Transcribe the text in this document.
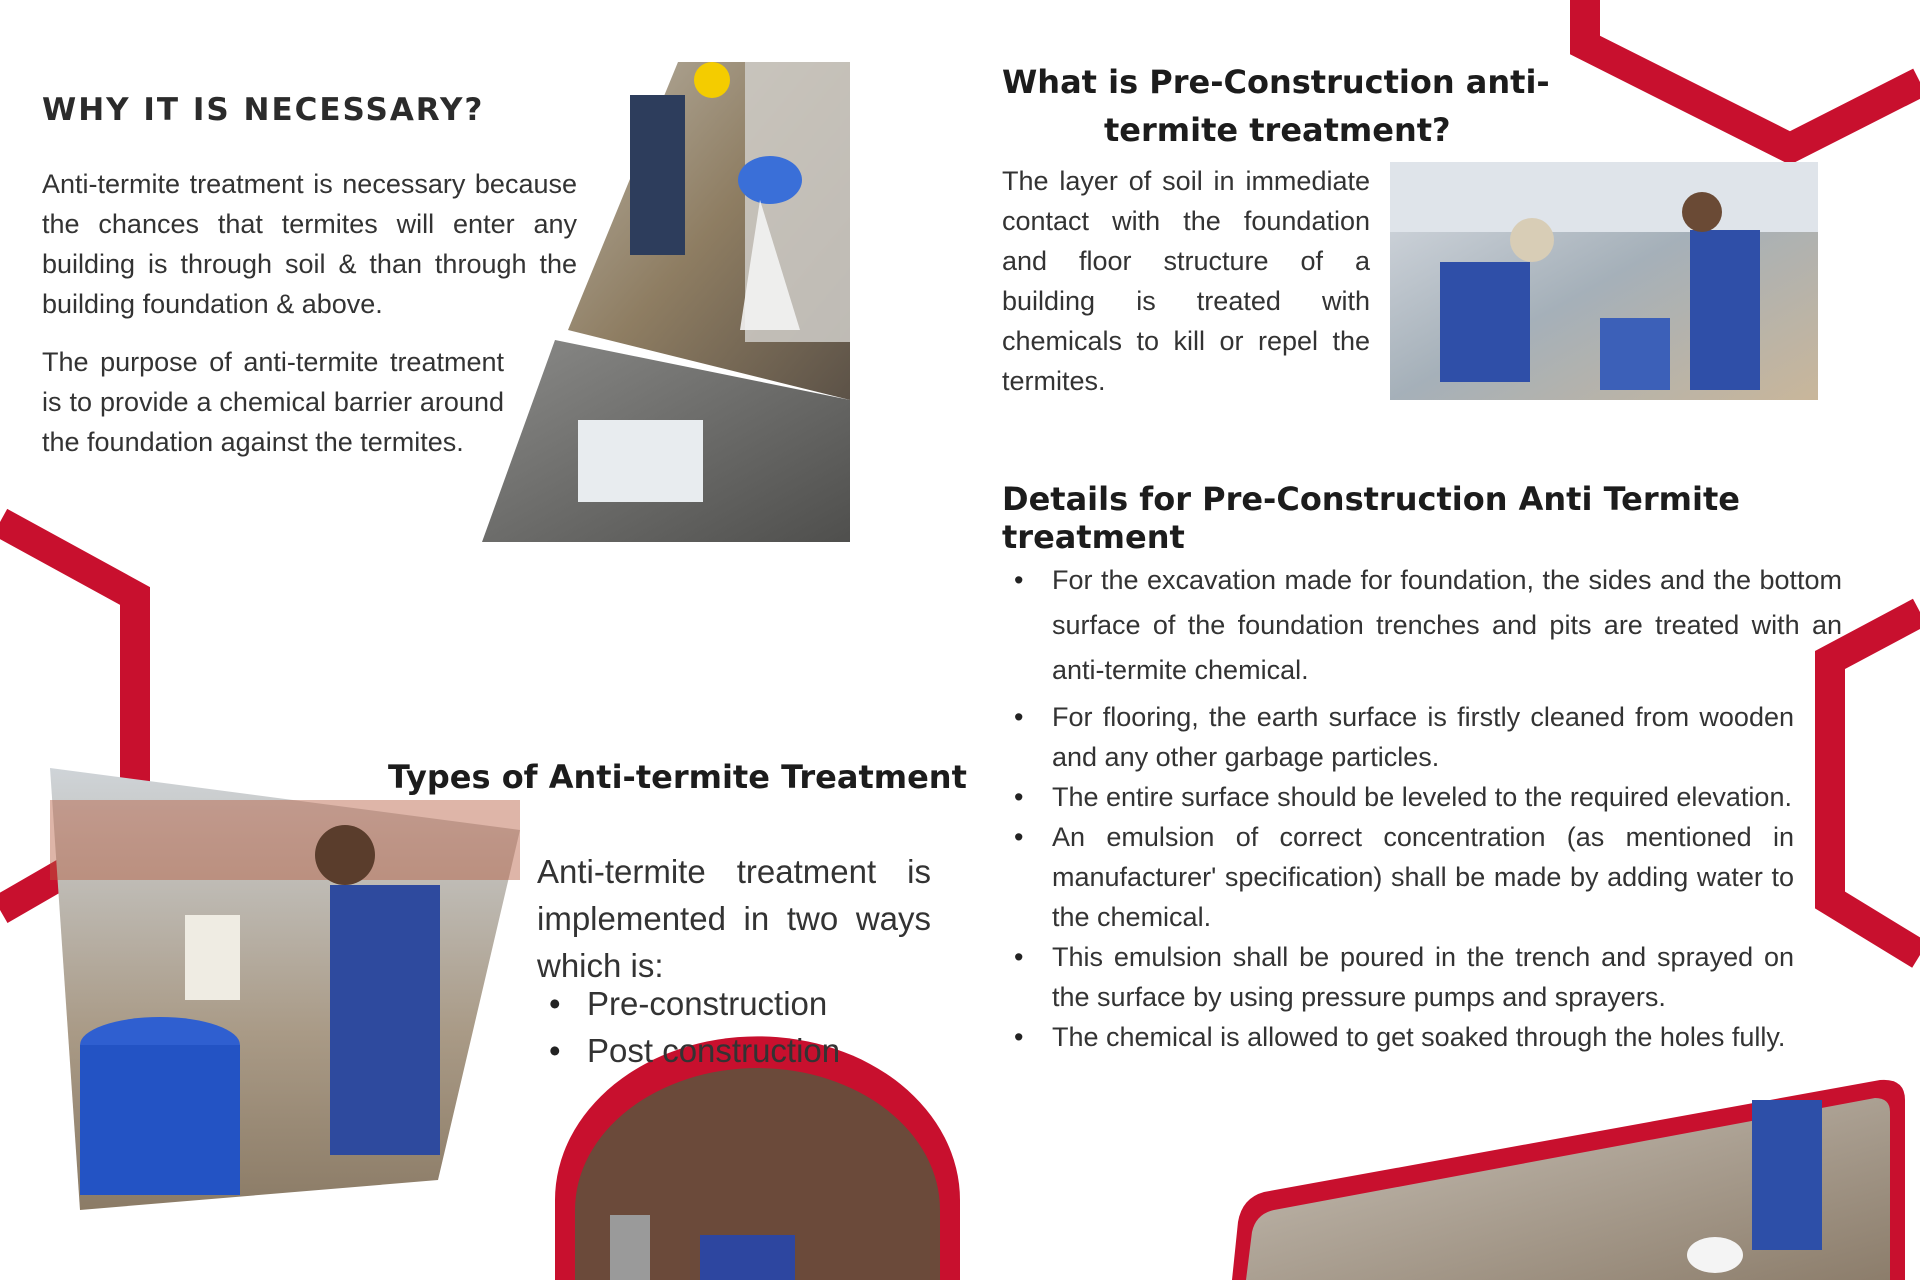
WHY IT IS NECESSARY?
Anti-termite treatment is necessary because the chances that termites will enter any building is through soil & than through the building foundation & above.
The purpose of anti-termite treatment is to provide a chemical barrier around the foundation against the termites.
What is Pre-Construction anti-
termite treatment?
The layer of soil in immediate contact with the foundation and floor structure of a building is treated with chemicals to kill or repel the termites.
Details for Pre-Construction Anti Termite treatment
• For the excavation made for foundation, the sides and the bottom surface of the foundation trenches and pits are treated with an anti-termite chemical.
• For flooring, the earth surface is firstly cleaned from wooden and any other garbage particles.
• The entire surface should be leveled to the required elevation.
• An emulsion of correct concentration (as mentioned in manufacturer' specification) shall be made by adding water to the chemical.
• This emulsion shall be poured in the trench and sprayed on the surface by using pressure pumps and sprayers.
• The chemical is allowed to get soaked through the holes fully.
Types of Anti-termite Treatment
Anti-termite treatment is implemented in two ways which is:
• Pre-construction
• Post construction
